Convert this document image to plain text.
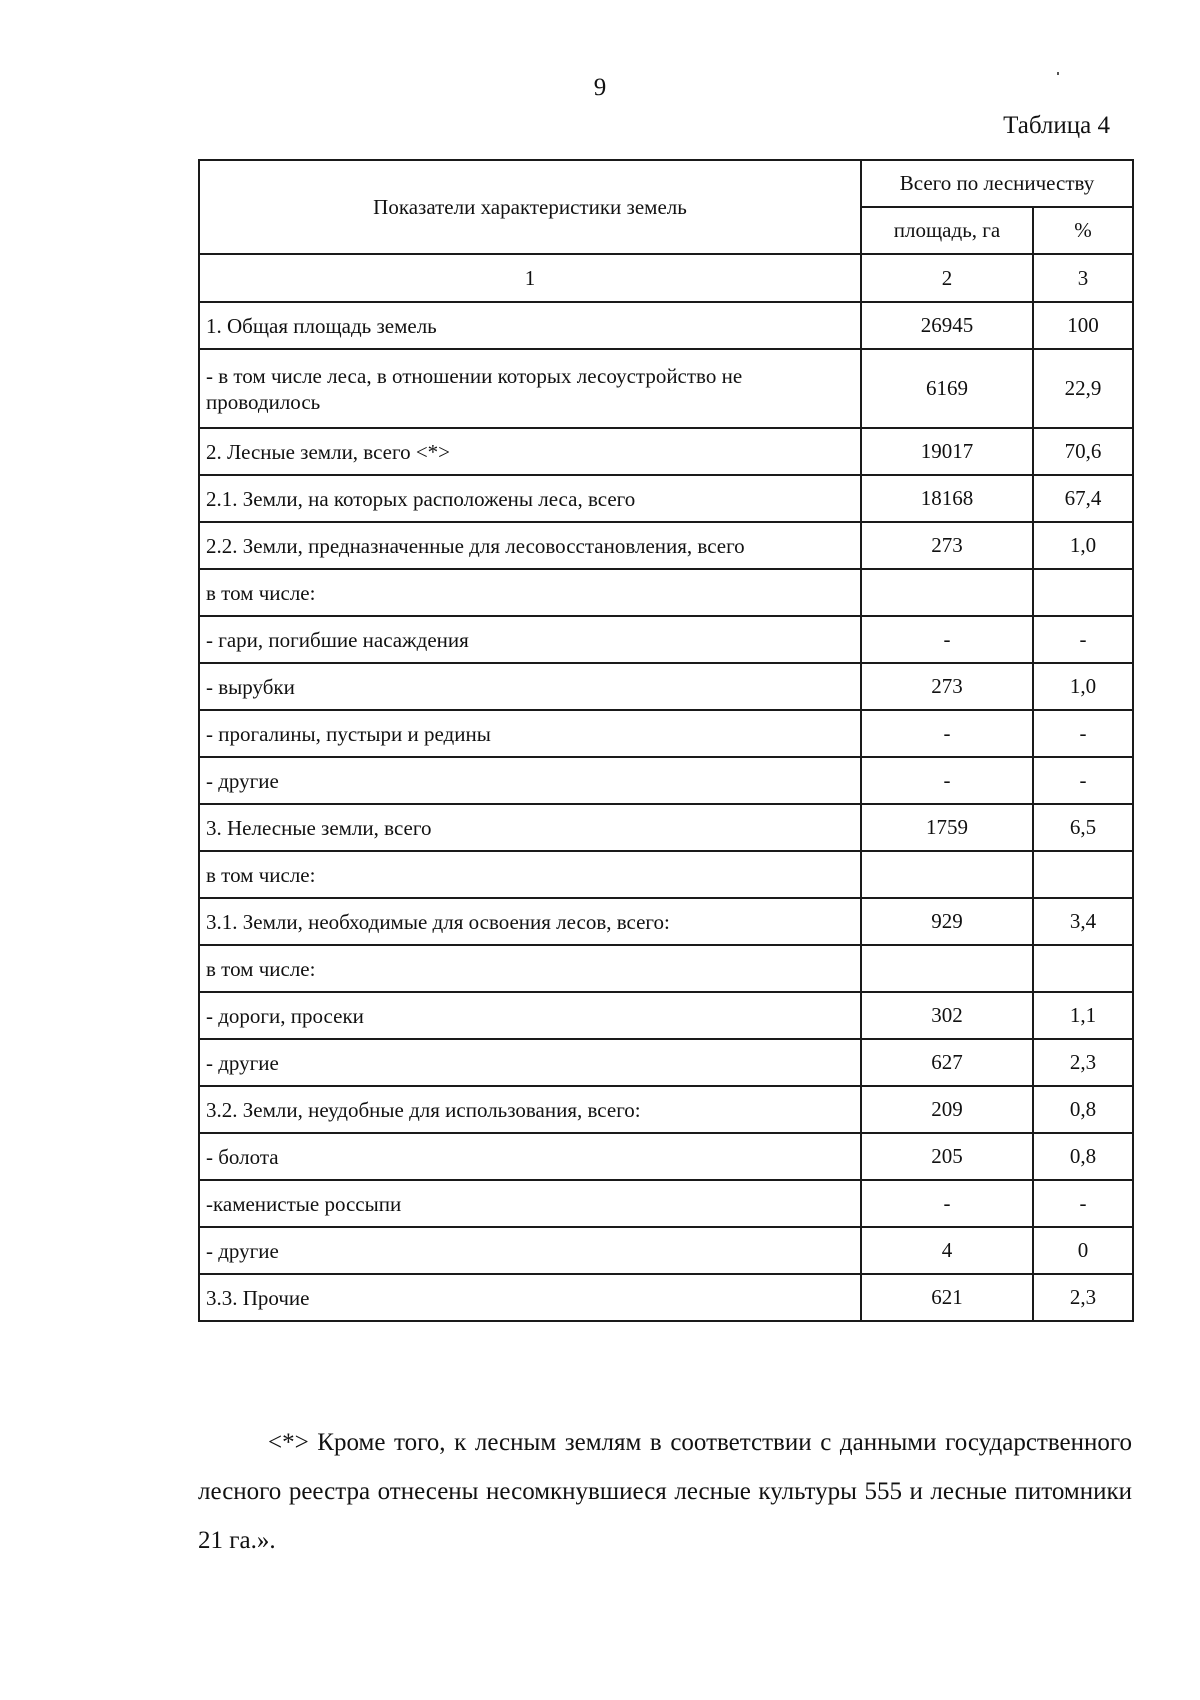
9
Таблица 4
Показатели характеристики земель	Всего по лесничеству	
	площадь, га	%
1	2	3
1. Общая площадь земель	26945	100
- в том числе леса, в отношении которых лесоустройство не проводилось	6169	22,9
2. Лесные земли, всего <*>	19017	70,6
2.1. Земли, на которых расположены леса, всего	18168	67,4
2.2. Земли, предназначенные для лесовосстановления, всего	273	1,0
в том числе:		
- гари, погибшие насаждения	-	-
- вырубки	273	1,0
- прогалины, пустыри и редины	-	-
- другие	-	-
3. Нелесные земли, всего	1759	6,5
в том числе:		
3.1. Земли, необходимые для освоения лесов, всего:	929	3,4
в том числе:		
- дороги, просеки	302	1,1
- другие	627	2,3
3.2. Земли, неудобные для использования, всего:	209	0,8
- болота	205	0,8
-каменистые россыпи	-	-
- другие	4	0
3.3. Прочие	621	2,3
<*> Кроме того, к лесным землям в соответствии с данными государственного лесного реестра отнесены несомкнувшиеся лесные культуры 555 и лесные питомники 21 га.».
